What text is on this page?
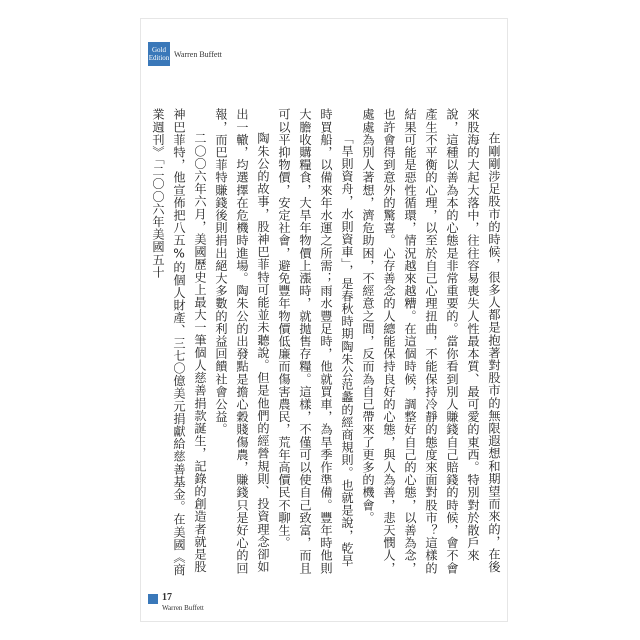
Gold
Edition Warren Buffett

在剛剛涉足股市的時候，很多人都是抱著對股市的無限遐想和期望而來的，在後來股海的大起大落中，往往容易喪失人性最本質、最可愛的東西。特別對於散戶來說，這種以善為本的心態是非常重要的。當你看到別人賺錢自己賠錢的時候，會不會產生不平衡的心理，以至於自己心理扭曲，不能保持冷靜的態度來面對股市？這樣的結果可能是惡性循環，情況越來越糟。在這個時候，調整好自己的心態，以善為念，也許會得到意外的驚喜。心存善念的人總能保持良好的心態，與人為善，悲天憫人，處處為別人著想，濟危助困，不經意之間，反而為自己帶來了更多的機會。

「旱則資舟，水則資車」，是春秋時期陶朱公范蠡的經商規則。也就是說，乾旱時買船，以備來年水運之所需；雨水豐足時，他就買車，為旱季作準備。豐年時他則大膽收購糧食，大旱年物價上漲時，就拋售存糧。這樣，不僅可以使自己致富，而且可以平抑物價，安定社會，避免豐年物價低廉而傷害農民，荒年高價民不聊生。

陶朱公的故事，股神巴菲特可能並未聽說。但是他們的經營規則、投資理念卻如出一轍，均選擇在危機時進場。陶朱公的出發點是擔心穀賤傷農，賺錢只是好心的回報，而巴菲特賺錢後則捐出絕大多數的利益回饋社會公益。

二〇〇六年六月，美國歷史上最大一筆個人慈善捐款誕生，記錄的創造者就是股神巴菲特，他宣佈把八五%的個人財產、三七〇億美元捐獻給慈善基金。在美國《商業週刊》「二〇〇六年美國五十

17
Warren Buffett
